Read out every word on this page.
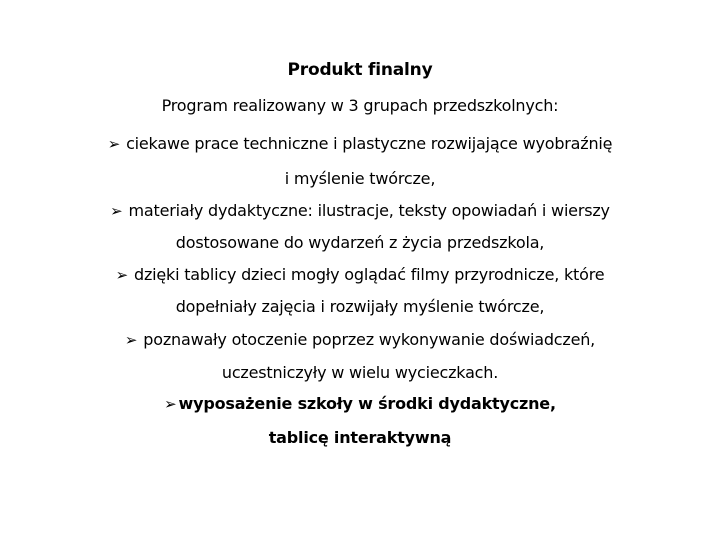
Produkt finalny
Program realizowany w 3 grupach przedszkolnych:
➢ ciekawe prace techniczne i plastyczne rozwijające wyobraźnię
i myślenie twórcze,
➢ materiały dydaktyczne: ilustracje, teksty opowiadań i wierszy
dostosowane do wydarzeń z życia przedszkola,
➢ dzięki tablicy dzieci mogły oglądać filmy przyrodnicze, które
dopełniały zajęcia i rozwijały myślenie twórcze,
➢ poznawały otoczenie poprzez wykonywanie doświadczeń,
uczestniczyły w wielu wycieczkach.
➢ wyposażenie szkoły w środki dydaktyczne,
tablicę interaktywną
